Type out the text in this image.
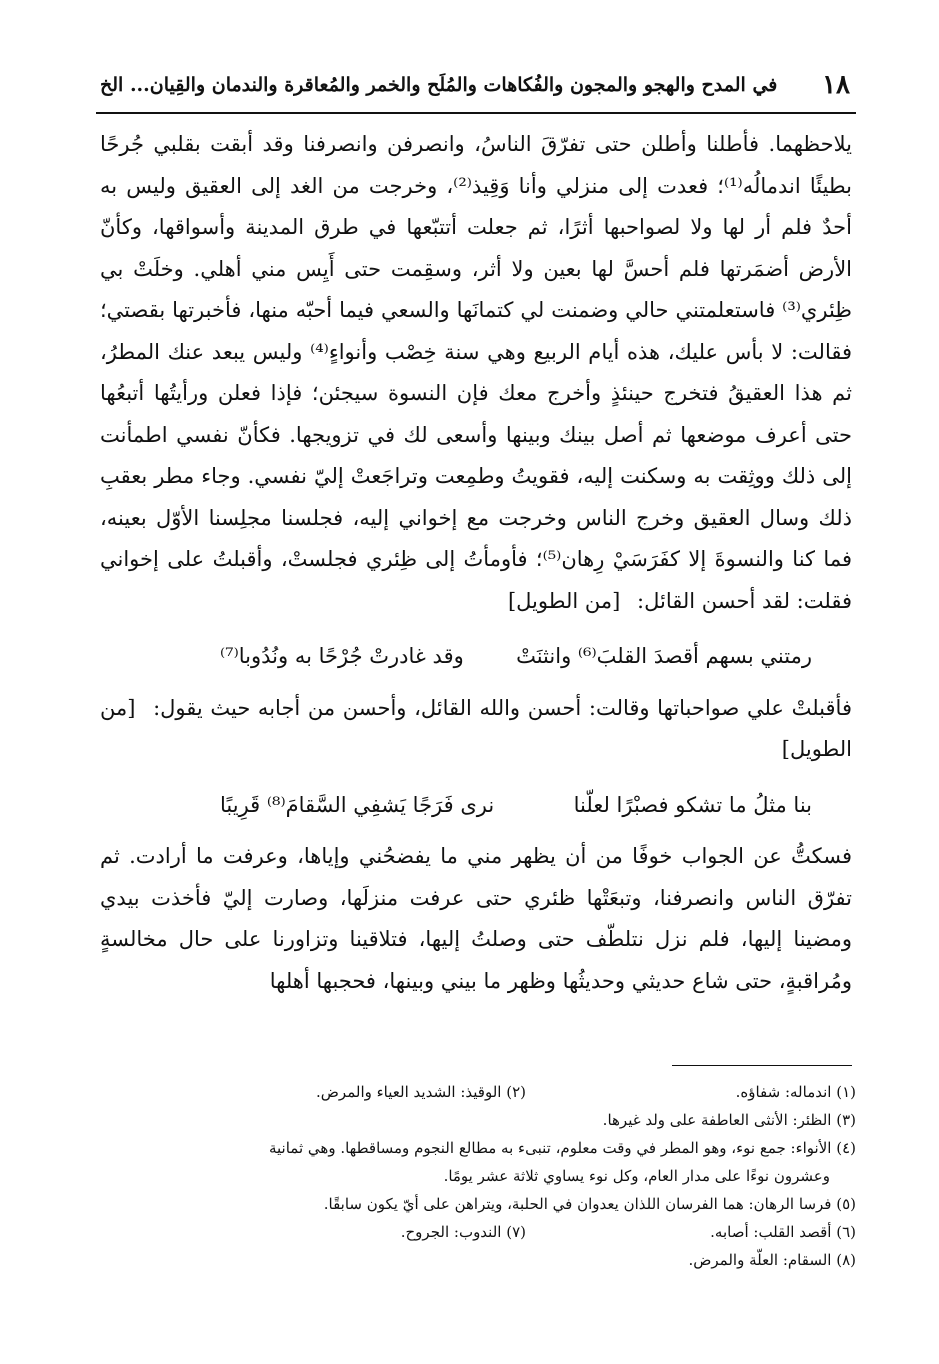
١٨
في المدح والهجو والمجون والفُكاهات والمُلَح والخمر والمُعاقرة والندمان والقِيان... الخ

يلاحظهما. فأطلنا وأطلن حتى تفرّقَ الناسُ، وانصرفن وانصرفنا وقد أبقت بقلبي جُرحًا بطيئًا اندمالُه⁽¹⁾؛ فعدت إلى منزلي وأنا وَقِيذ⁽²⁾، وخرجت من الغد إلى العقيق وليس به أحدٌ فلم أر لها ولا لصواحبها أثرًا، ثم جعلت أتتبّعها في طرق المدينة وأسواقها، وكأنّ الأرض أضمَرتها فلم أحسَّ لها بعين ولا أثر، وسقِمت حتى أَيِس مني أهلي. وخلَتْ بي ظِئري⁽³⁾ فاستعلمتني حالي وضمنت لي كتمانَها والسعي فيما أحبّه منها، فأخبرتها بقصتي؛ فقالت: لا بأس عليك، هذه أيام الربيع وهي سنة خِصْب وأنواءٍ⁽⁴⁾ وليس يبعد عنك المطرُ، ثم هذا العقيقُ فتخرج حينئذٍ وأخرج معك فإن النسوة سيجئن؛ فإذا فعلن ورأيتُها أتبعُها حتى أعرف موضعها ثم أصل بينك وبينها وأسعى لك في تزويجها. فكأنّ نفسي اطمأنت إلى ذلك ووثِقت به وسكنت إليه، فقويتُ وطمِعت وتراجَعتْ إليّ نفسي. وجاء مطر بعقبِ ذلك وسال العقيق وخرج الناس وخرجت مع إخواني إليه، فجلسنا مجلِسنا الأوّل بعينه، فما كنا والنسوةَ إلا كفَرَسَيْ رِهان⁽⁵⁾؛ فأومأتُ إلى ظِئري فجلستْ، وأقبلتُ على إخواني فقلت: لقد أحسن القائل: [من الطويل]

رمتني بسهم أقصدَ القلبَ⁽⁶⁾ وانثنَتْ
وقد غادرتْ جُرْحًا به ونُدُوبا⁽⁷⁾

فأقبلتْ علي صواحباتها وقالت: أحسن والله القائل، وأحسن من أجابه حيث يقول: [من الطويل]

بنا مثلُ ما تشكو فصبْرًا لعلّنا
نرى فَرَجًا يَشفِي السَّقامَ⁽⁸⁾ قَرِيبًا

فسكتُّ عن الجواب خوفًا من أن يظهر مني ما يفضحُني وإياها، وعرفت ما أرادت. ثم تفرّق الناس وانصرفنا، وتبعَتْها ظئري حتى عرفت منزلَها، وصارت إليّ فأخذت بيدي ومضينا إليها، فلم نزل نتلطّف حتى وصلتُ إليها، فتلاقينا وتزاورنا على حال مخالسةٍ ومُراقبةٍ، حتى شاع حديثي وحديثُها وظهر ما بيني وبينها، فحجبها أهلها

(١) اندماله: شفاؤه.
(٢) الوقيذ: الشديد العياء والمرض.
(٣) الظئر: الأنثى العاطفة على ولد غيرها.
(٤) الأنواء: جمع نوء، وهو المطر في وقت معلوم، تنبىء به مطالع النجوم ومساقطها. وهي ثمانية
وعشرون نوءًا على مدار العام، وكل نوء يساوي ثلاثة عشر يومًا.
(٥) فرسا الرهان: هما الفرسان اللذان يعدوان في الحلبة، ويتراهن على أيّ يكون سابقًا.
(٦) أقصد القلب: أصابه.
(٧) الندوب: الجروح.
(٨) السقام: العلّة والمرض.
